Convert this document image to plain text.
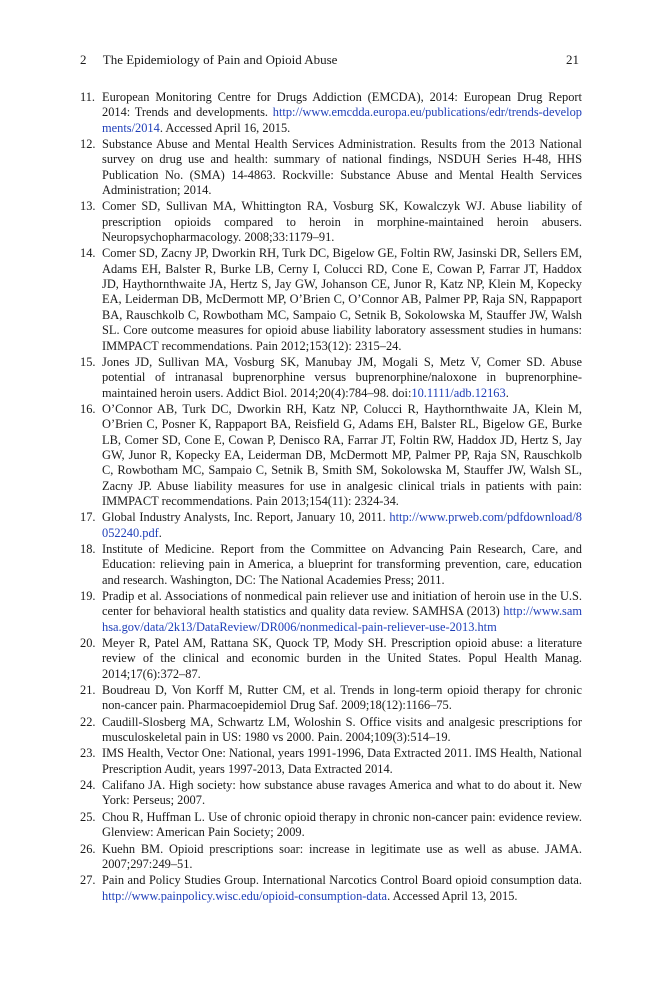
2  The Epidemiology of Pain and Opioid Abuse	21
11. European Monitoring Centre for Drugs Addiction (EMCDA), 2014: European Drug Report 2014: Trends and developments. http://www.emcdda.europa.eu/publications/edr/trends-developments/2014. Accessed April 16, 2015.
12. Substance Abuse and Mental Health Services Administration. Results from the 2013 National survey on drug use and health: summary of national findings, NSDUH Series H-48, HHS Publication No. (SMA) 14-4863. Rockville: Substance Abuse and Mental Health Services Administration; 2014.
13. Comer SD, Sullivan MA, Whittington RA, Vosburg SK, Kowalczyk WJ. Abuse liability of prescription opioids compared to heroin in morphine-maintained heroin abusers. Neuropsychopharmacology. 2008;33:1179–91.
14. Comer SD, Zacny JP, Dworkin RH, Turk DC, Bigelow GE, Foltin RW, Jasinski DR, Sellers EM, Adams EH, Balster R, Burke LB, Cerny I, Colucci RD, Cone E, Cowan P, Farrar JT, Haddox JD, Haythornthwaite JA, Hertz S, Jay GW, Johanson CE, Junor R, Katz NP, Klein M, Kopecky EA, Leiderman DB, McDermott MP, O’Brien C, O’Connor AB, Palmer PP, Raja SN, Rappaport BA, Rauschkolb C, Rowbotham MC, Sampaio C, Setnik B, Sokolowska M, Stauffer JW, Walsh SL. Core outcome measures for opioid abuse liability laboratory assessment studies in humans: IMMPACT recommendations. Pain 2012;153(12): 2315–24.
15. Jones JD, Sullivan MA, Vosburg SK, Manubay JM, Mogali S, Metz V, Comer SD. Abuse potential of intranasal buprenorphine versus buprenorphine/naloxone in buprenorphine-maintained heroin users. Addict Biol. 2014;20(4):784–98. doi:10.1111/adb.12163.
16. O’Connor AB, Turk DC, Dworkin RH, Katz NP, Colucci R, Haythornthwaite JA, Klein M, O’Brien C, Posner K, Rappaport BA, Reisfield G, Adams EH, Balster RL, Bigelow GE, Burke LB, Comer SD, Cone E, Cowan P, Denisco RA, Farrar JT, Foltin RW, Haddox JD, Hertz S, Jay GW, Junor R, Kopecky EA, Leiderman DB, McDermott MP, Palmer PP, Raja SN, Rauschkolb C, Rowbotham MC, Sampaio C, Setnik B, Smith SM, Sokolowska M, Stauffer JW, Walsh SL, Zacny JP. Abuse liability measures for use in analgesic clinical trials in patients with pain: IMMPACT recommendations. Pain 2013;154(11): 2324-34.
17. Global Industry Analysts, Inc. Report, January 10, 2011. http://www.prweb.com/pdfdownload/8052240.pdf.
18. Institute of Medicine. Report from the Committee on Advancing Pain Research, Care, and Education: relieving pain in America, a blueprint for transforming prevention, care, education and research. Washington, DC: The National Academies Press; 2011.
19. Pradip et al. Associations of nonmedical pain reliever use and initiation of heroin use in the U.S. center for behavioral health statistics and quality data review. SAMHSA (2013) http://www.samhsa.gov/data/2k13/DataReview/DR006/nonmedical-pain-reliever-use-2013.htm
20. Meyer R, Patel AM, Rattana SK, Quock TP, Mody SH. Prescription opioid abuse: a literature review of the clinical and economic burden in the United States. Popul Health Manag. 2014;17(6):372–87.
21. Boudreau D, Von Korff M, Rutter CM, et al. Trends in long-term opioid therapy for chronic non-cancer pain. Pharmacoepidemiol Drug Saf. 2009;18(12):1166–75.
22. Caudill-Slosberg MA, Schwartz LM, Woloshin S. Office visits and analgesic prescriptions for musculoskeletal pain in US: 1980 vs 2000. Pain. 2004;109(3):514–19.
23. IMS Health, Vector One: National, years 1991-1996, Data Extracted 2011. IMS Health, National Prescription Audit, years 1997-2013, Data Extracted 2014.
24. Califano JA. High society: how substance abuse ravages America and what to do about it. New York: Perseus; 2007.
25. Chou R, Huffman L. Use of chronic opioid therapy in chronic non-cancer pain: evidence review. Glenview: American Pain Society; 2009.
26. Kuehn BM. Opioid prescriptions soar: increase in legitimate use as well as abuse. JAMA. 2007;297:249–51.
27. Pain and Policy Studies Group. International Narcotics Control Board opioid consumption data. http://www.painpolicy.wisc.edu/opioid-consumption-data. Accessed April 13, 2015.
